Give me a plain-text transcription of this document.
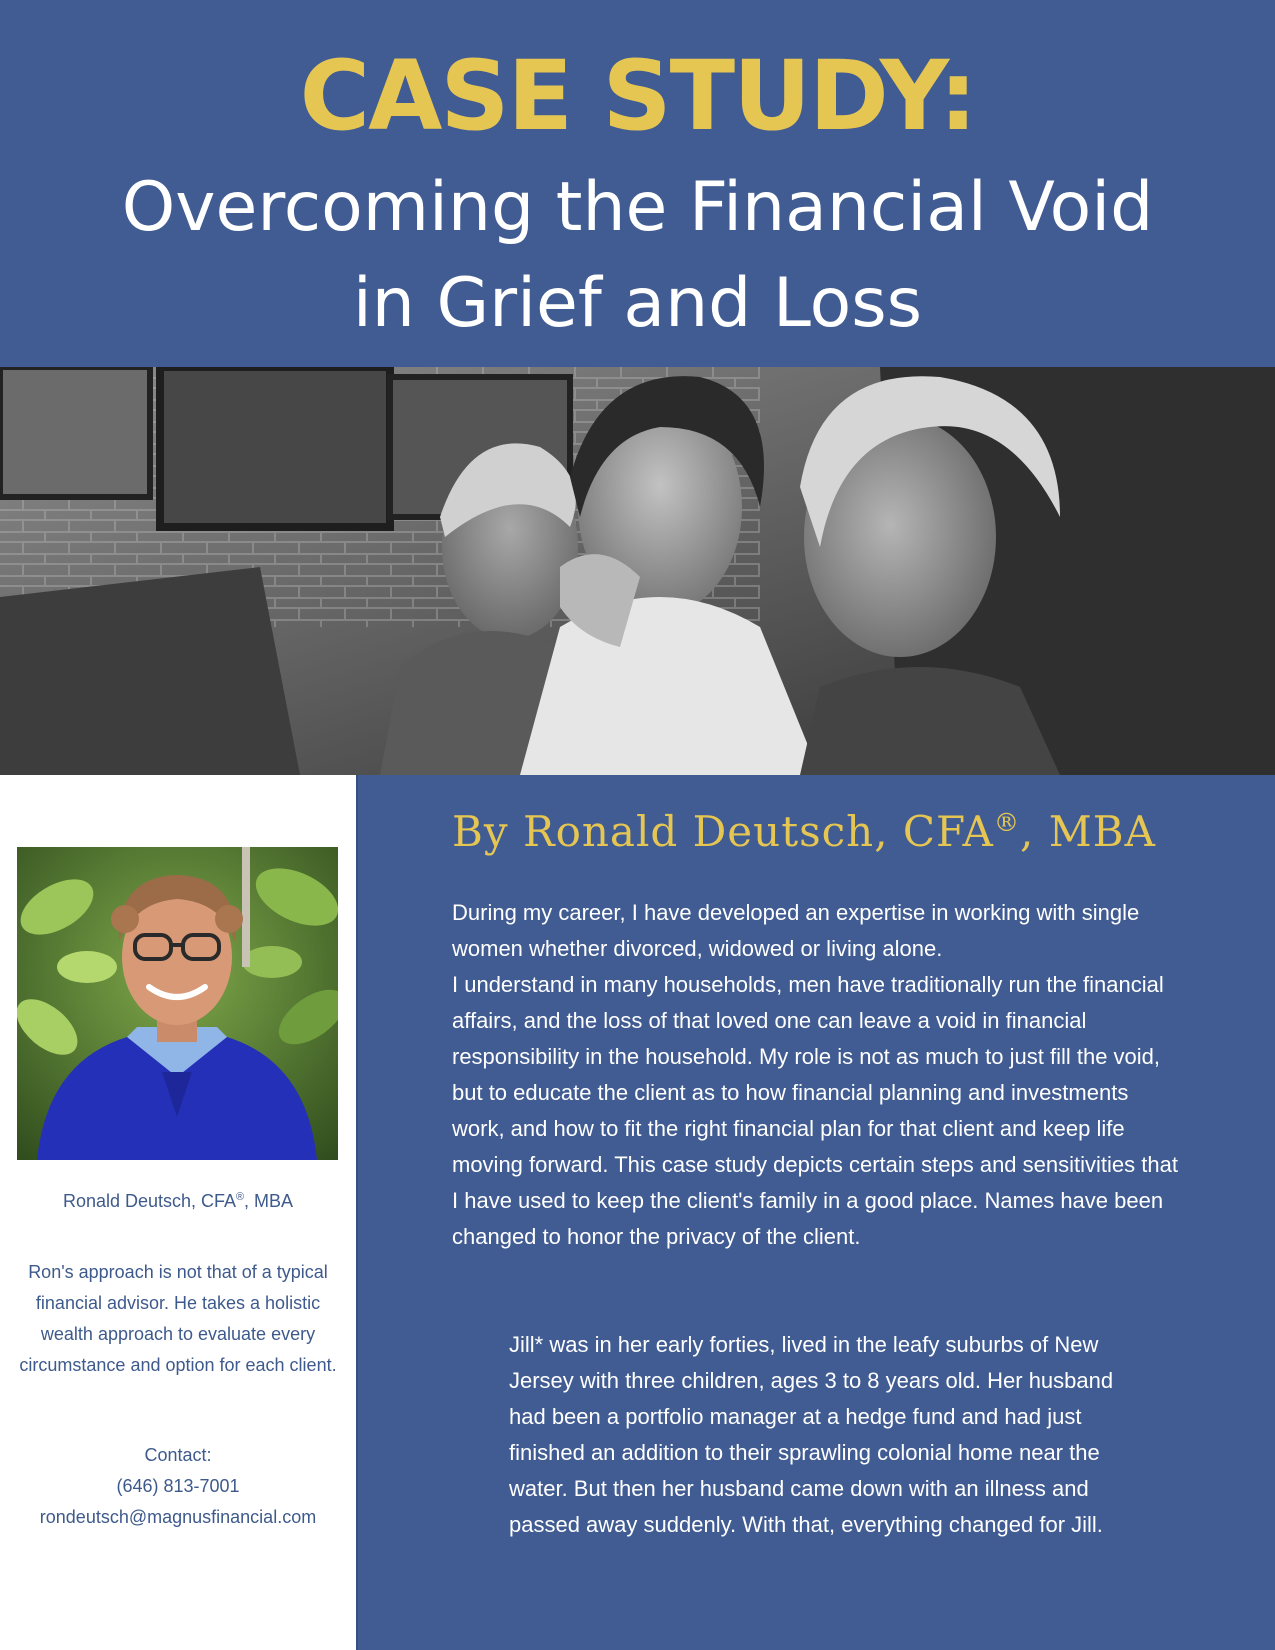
CASE STUDY:
Overcoming the Financial Void
in Grief and Loss
Ronald Deutsch, CFA®, MBA
Ron's approach is not that of a typical financial advisor. He takes a holistic wealth approach to evaluate every circumstance and option for each client.
Contact:
(646) 813-7001
rondeutsch@magnusfinancial.com
By Ronald Deutsch, CFA®, MBA

During my career, I have developed an expertise in working with single women whether divorced, widowed or living alone.

I understand in many households, men have traditionally run the financial affairs, and the loss of that loved one can leave a void in financial responsibility in the household. My role is not as much to just fill the void, but to educate the client as to how financial planning and investments work, and how to fit the right financial plan for that client and keep life moving forward. This case study depicts certain steps and sensitivities that I have used to keep the client's family in a good place. Names have been changed to honor the privacy of the client.

Jill* was in her early forties, lived in the leafy suburbs of New Jersey with three children, ages 3 to 8 years old. Her husband had been a portfolio manager at a hedge fund and had just finished an addition to their sprawling colonial home near the water. But then her husband came down with an illness and passed away suddenly. With that, everything changed for Jill.
